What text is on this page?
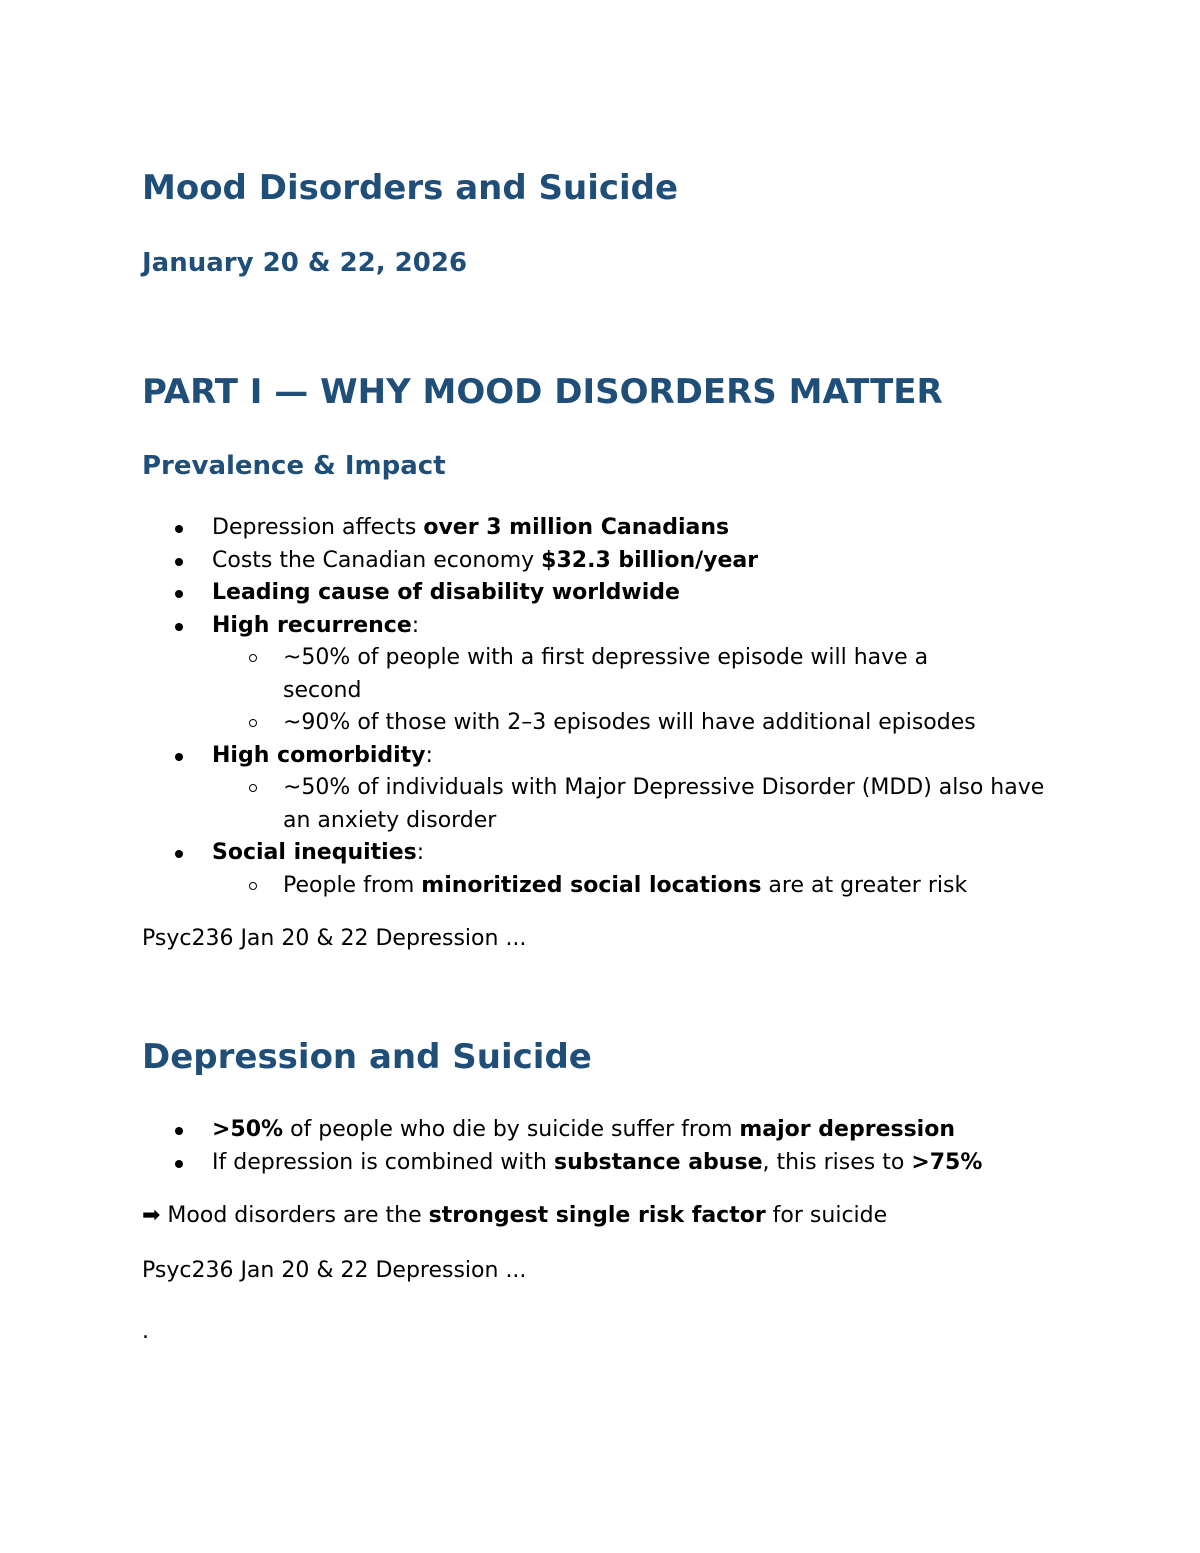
Mood Disorders and Suicide
January 20 & 22, 2026
PART I — WHY MOOD DISORDERS MATTER
Prevalence & Impact
Depression affects over 3 million Canadians
Costs the Canadian economy $32.3 billion/year
Leading cause of disability worldwide
High recurrence:
~50% of people with a first depressive episode will have a second
~90% of those with 2–3 episodes will have additional episodes
High comorbidity:
~50% of individuals with Major Depressive Disorder (MDD) also have an anxiety disorder
Social inequities:
People from minoritized social locations are at greater risk

Psyc236 Jan 20 & 22 Depression ...

Depression and Suicide
>50% of people who die by suicide suffer from major depression
If depression is combined with substance abuse, this rises to >75%

➡ Mood disorders are the strongest single risk factor for suicide

Psyc236 Jan 20 & 22 Depression ...

.
